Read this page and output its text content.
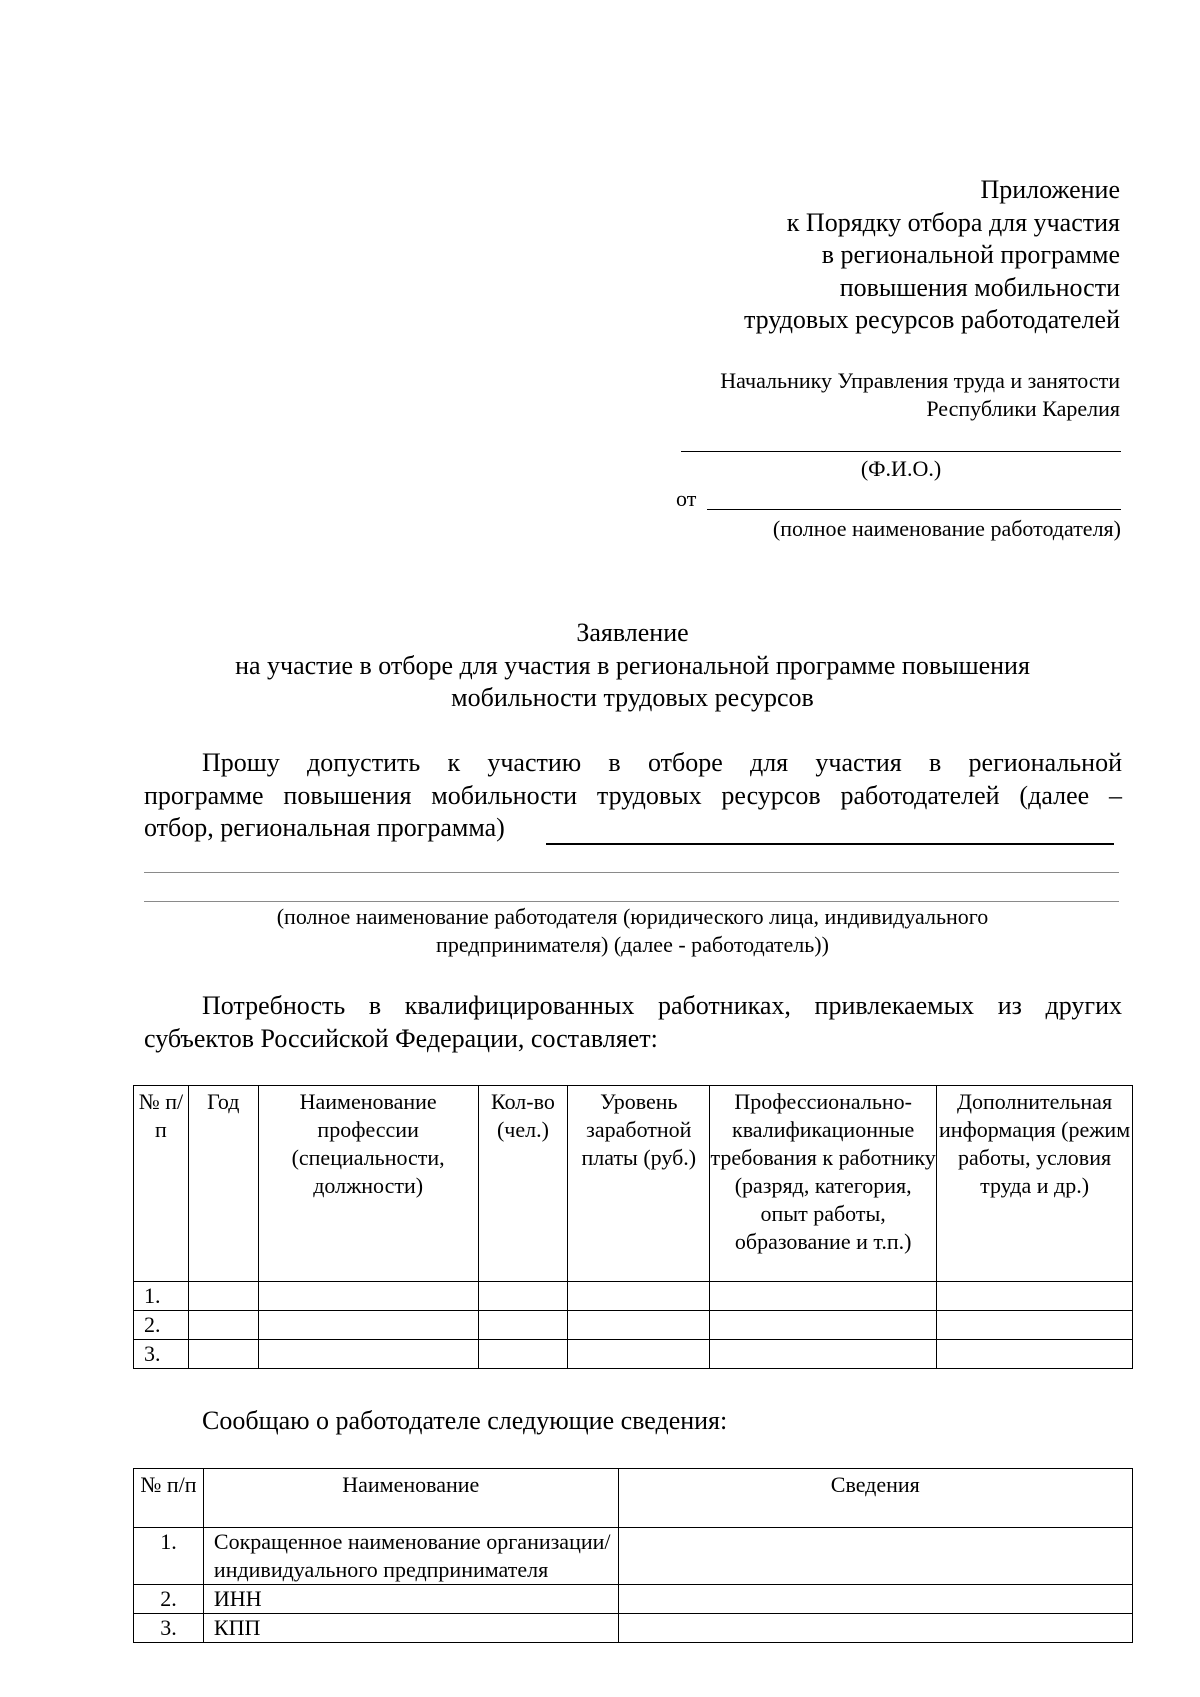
Приложение
к Порядку отбора для участия
в региональной программе
повышения мобильности
трудовых ресурсов работодателей
Начальнику Управления труда и занятости
Республики Карелия
(Ф.И.О.)
от
(полное наименование работодателя)
Заявление
на участие в отборе для участия в региональной программе повышения
мобильности трудовых ресурсов
Прошу допустить к участию в отборе для участия в региональной
программе повышения мобильности трудовых ресурсов работодателей (далее –
отбор, региональная программа)
(полное наименование работодателя (юридического лица, индивидуального
предпринимателя) (далее - работодатель))
Потребность в квалифицированных работниках, привлекаемых из других
субъектов Российской Федерации, составляет:
№ п/п	Год	Наименование профессии (специальности, должности)	Кол-во (чел.)	Уровень заработной платы (руб.)	Профессионально-квалификационные требования к работнику (разряд, категория, опыт работы, образование и т.п.)	Дополнительная информация (режим работы, условия труда и др.)
1.						
2.						
3.						
Сообщаю о работодателе следующие сведения:
№ п/п	Наименование	Сведения
1.	Сокращенное наименование организации/индивидуального предпринимателя	
2.	ИНН	
3.	КПП	
